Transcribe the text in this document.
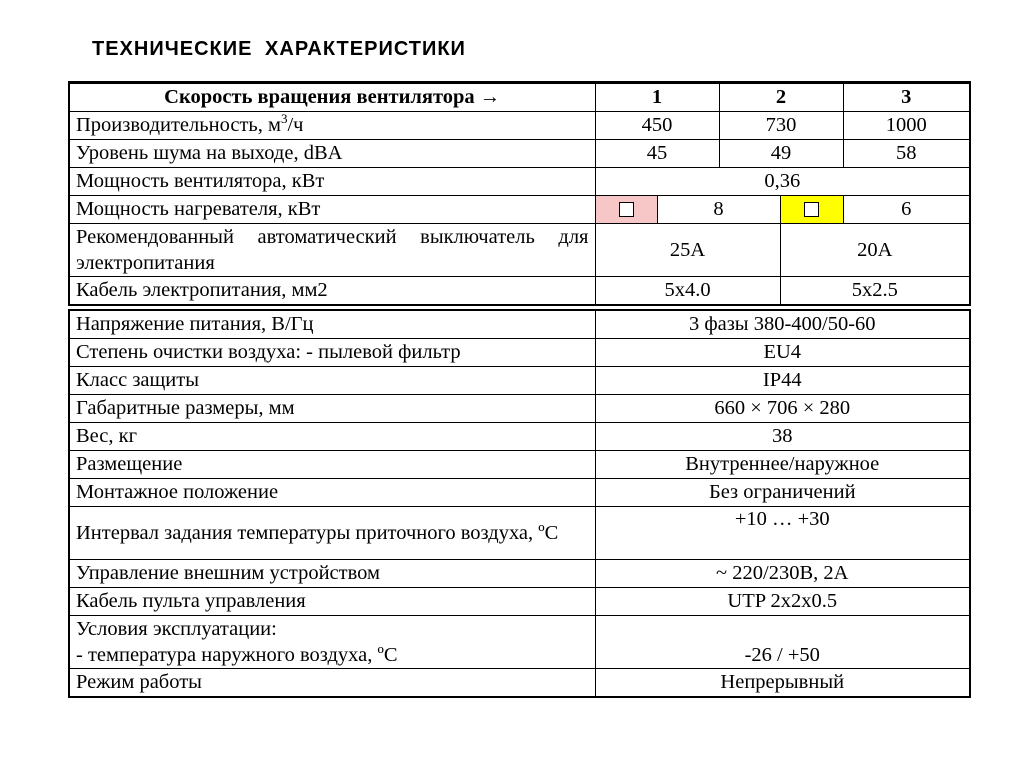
ТЕХНИЧЕСКИЕ ХАРАКТЕРИСТИКИ
Скорость вращения вентилятора →	1		2		3
Производительность, $м^3/ч$	450		730		1000
Уровень шума на выходе, dBA	45		49		58
Мощность вентилятора, кВт	0,36				
Мощность нагревателя, кВт		8			6
Рекомендованный автоматический выключатель для электропитания	25А			20А	
Кабель электропитания, мм2	5x4.0			5x2.5	
Напряжение питания, В/Гц	3 фазы 380-400/50-60
Степень очистки воздуха: - пылевой фильтр	EU4
Класс защиты	IP44
Габаритные размеры, мм	660 × 706 × 280
Вес, кг	38
Размещение	Внутреннее/наружное
Монтажное положение	Без ограничений
Интервал задания температуры приточного воздуха, ºС	+10 … +30
Управление внешним устройством	~ 220/230В, 2А
Кабель пульта управления	UTP 2x2x0.5

Условия эксплуатации:
- температура наружного воздуха, ºС	-26 / +50
Режим работы	Непрерывный
